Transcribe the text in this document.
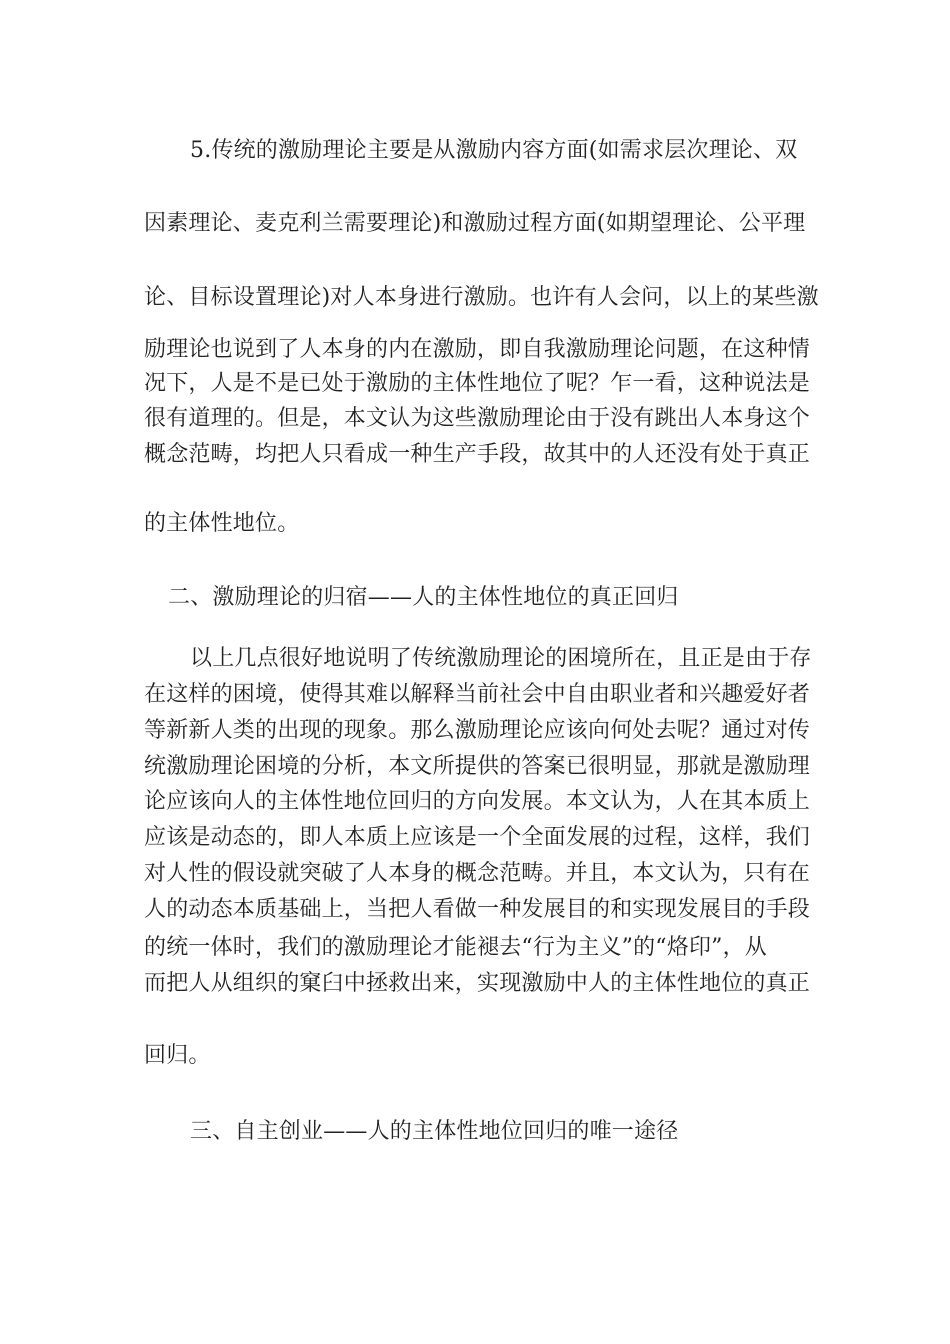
5.传统的激励理论主要是从激励内容方面(如需求层次理论、双
因素理论、麦克利兰需要理论)和激励过程方面(如期望理论、公平理
论、目标设置理论)对人本身进行激励。也许有人会问，以上的某些激
励理论也说到了人本身的内在激励，即自我激励理论问题，在这种情
况下，人是不是已处于激励的主体性地位了呢？乍一看，这种说法是
很有道理的。但是，本文认为这些激励理论由于没有跳出人本身这个
概念范畴，均把人只看成一种生产手段，故其中的人还没有处于真正
的主体性地位。
二、激励理论的归宿——人的主体性地位的真正回归
以上几点很好地说明了传统激励理论的困境所在，且正是由于存
在这样的困境，使得其难以解释当前社会中自由职业者和兴趣爱好者
等新新人类的出现的现象。那么激励理论应该向何处去呢？通过对传
统激励理论困境的分析，本文所提供的答案已很明显，那就是激励理
论应该向人的主体性地位回归的方向发展。本文认为，人在其本质上
应该是动态的，即人本质上应该是一个全面发展的过程，这样，我们
对人性的假设就突破了人本身的概念范畴。并且，本文认为，只有在
人的动态本质基础上，当把人看做一种发展目的和实现发展目的手段
的统一体时，我们的激励理论才能褪去“行为主义”的“烙印”，从
而把人从组织的窠臼中拯救出来，实现激励中人的主体性地位的真正
回归。
三、自主创业——人的主体性地位回归的唯一途径
